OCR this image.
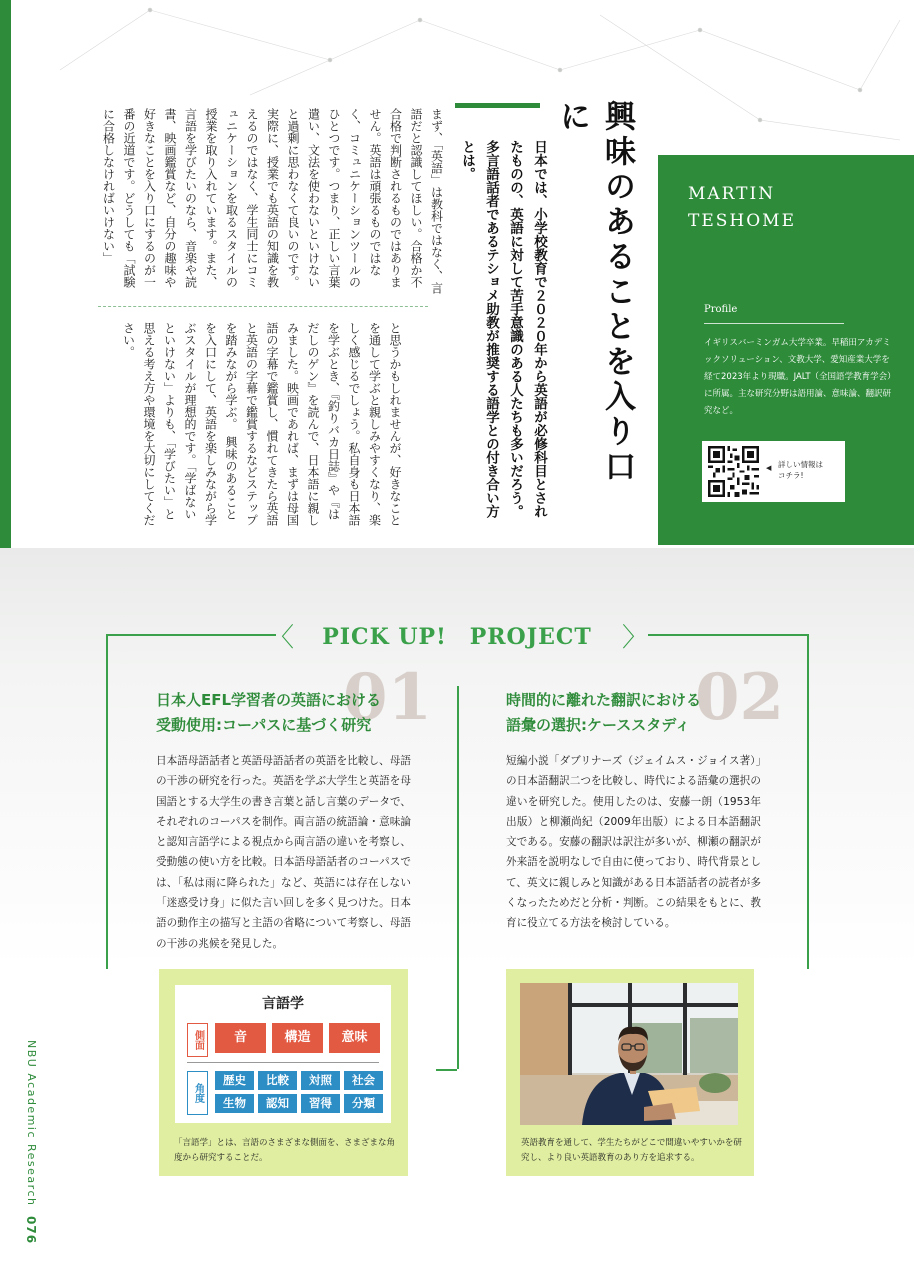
興味のあることを入り口に
日本では、小学校教育で２０２０年から英語が必修科目とされたものの、英語に対して苦手意識のある人たちも多いだろう。多言語話者であるテショメ助教が推奨する語学との付き合い方とは。
まず、「英語」は教科ではなく、言語だと認識してほしい。合格か不合格で判断されるものではありません。英語は頑張るものではなく、コミュニケーションツールのひとつです。つまり、正しい言葉遣い、文法を使わないといけないと過剰に思わなくて良いのです。実際に、授業でも英語の知識を教えるのではなく、学生同士にコミュニケーションを取るスタイルの授業を取り入れています。また、言語を学びたいのなら、音楽や読書、映画鑑賞など、自分の趣味や好きなことを入り口にするのが一番の近道です。どうしても「試験に合格しなければいけない」
と思うかもしれませんが、好きなことを通して学ぶと親しみやすくなり、楽しく感じるでしょう。私自身も日本語を学ぶとき、『釣りバカ日誌』や『はだしのゲン』を読んで、日本語に親しみました。映画であれば、まずは母国語の字幕で鑑賞し、慣れてきたら英語と英語の字幕で鑑賞するなどステップを踏みながら学ぶ。　興味のあることを入口にして、英語を楽しみながら学ぶスタイルが理想的です。「学ばないといけない」よりも、「学びたい」と思える考え方や環境を大切にしてください。
MARTIN
TESHOME
Profile
イギリスバーミンガム大学卒業。早稲田アカデミックソリューション、文教大学、愛知産業大学を経て2023年より現職。JALT（全国語学教育学会）に所属。主な研究分野は語用論、意味論、翻訳研究など。
◀ 詳しい情報は
コチラ!
〈	〉
PICK UP!　PROJECT
01
日本人EFL学習者の英語における
受動使用:コーパスに基づく研究
日本語母語話者と英語母語話者の英語を比較し、母語の干渉の研究を行った。英語を学ぶ大学生と英語を母国語とする大学生の書き言葉と話し言葉のデータで、それぞれのコーパスを制作。両言語の統語論・意味論と認知言語学による視点から両言語の違いを考察し、受動態の使い方を比較。日本語母語話者のコーパスでは、「私は雨に降られた」など、英語には存在しない「迷惑受け身」に似た言い回しを多く見つけた。日本語の動作主の描写と主語の省略について考察し、母語の干渉の兆候を発見した。
02
時間的に離れた翻訳における
語彙の選択:ケーススタディ
短編小説「ダブリナーズ（ジェイムス・ジョイス著）」の日本語翻訳二つを比較し、時代による語彙の選択の違いを研究した。使用したのは、安藤一朗（1953年出版）と柳瀬尚紀（2009年出版）による日本語翻訳文である。安藤の翻訳は訳注が多いが、柳瀬の翻訳が外来語を説明なしで自由に使っており、時代背景として、英文に親しみと知識がある日本語話者の読者が多くなったためだと分析・判断。この結果をもとに、教育に役立てる方法を検討している。
言語学
側面	音	構造	意味
角度
歴史	比較	対照	社会
生物	認知	習得	分類
「言語学」とは、言語のさまざまな側面を、さまざまな角度から研究することだ。
英語教育を通して、学生たちがどこで間違いやすいかを研究し、より良い英語教育のあり方を追求する。
NBU Academic Research
076
